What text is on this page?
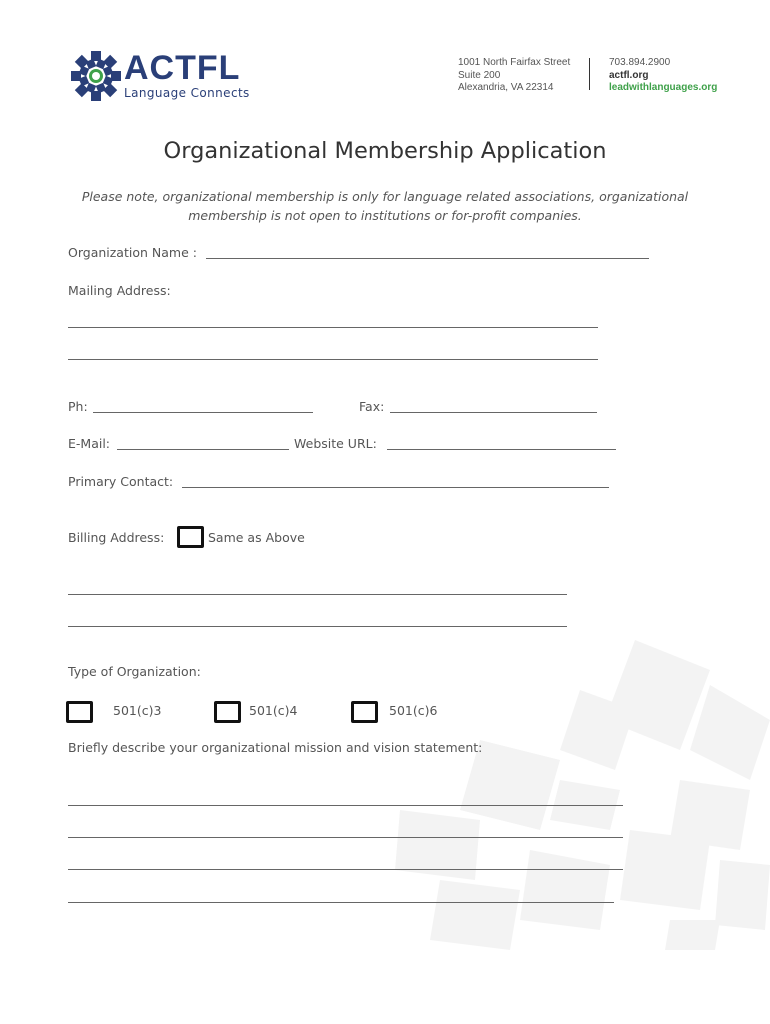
ACTFL
Language Connects
1001 North Fairfax Street
Suite 200
Alexandria, VA 22314
703.894.2900
actfl.org
leadwithlanguages.org
Organizational Membership Application
Please note, organizational membership is only for language related associations, organizational membership is not open to institutions or for-profit companies.
Organization Name :
Mailing Address:
Ph:	Fax:
E-Mail:	Website URL:
Primary Contact:
Billing Address:	Same as Above
Type of Organization:
501(c)3	501(c)4	501(c)6
Briefly describe your organizational mission and vision statement:
